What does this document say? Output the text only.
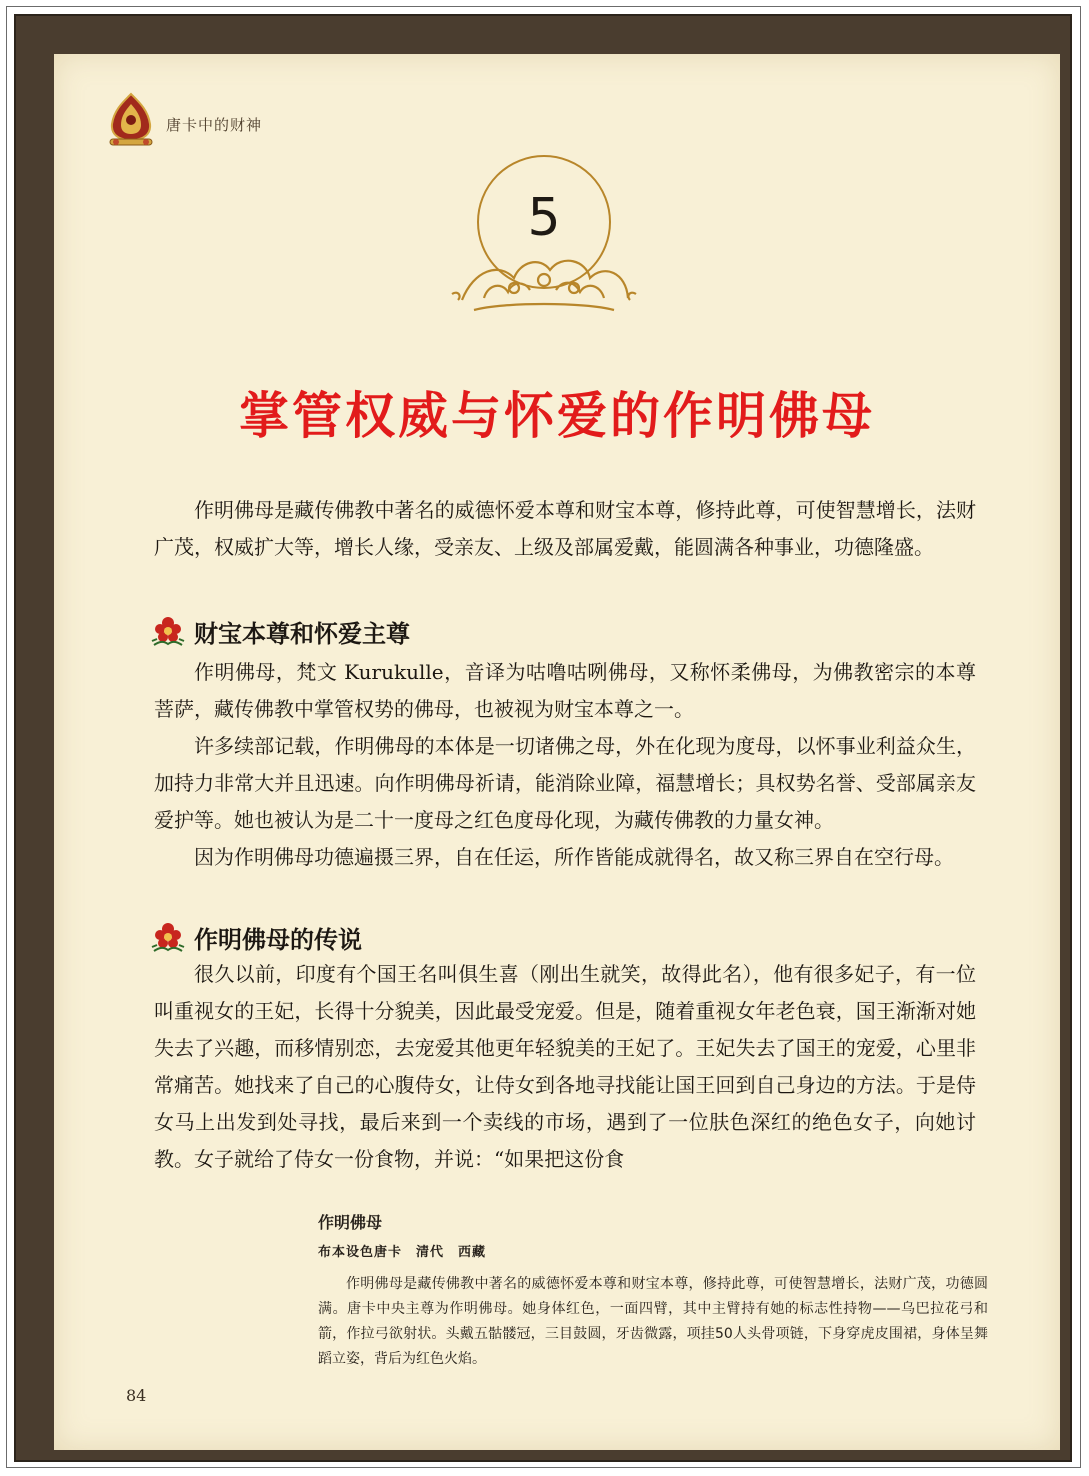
唐卡中的财神
5
掌管权威与怀爱的作明佛母

作明佛母是藏传佛教中著名的威德怀爱本尊和财宝本尊，修持此尊，可使智慧增长，法财广茂，权威扩大等，增长人缘，受亲友、上级及部属爱戴，能圆满各种事业，功德隆盛。

财宝本尊和怀爱主尊

作明佛母，梵文 Kurukulle，音译为咕噜咕咧佛母，又称怀柔佛母，为佛教密宗的本尊菩萨，藏传佛教中掌管权势的佛母，也被视为财宝本尊之一。

许多续部记载，作明佛母的本体是一切诸佛之母，外在化现为度母，以怀事业利益众生，加持力非常大并且迅速。向作明佛母祈请，能消除业障，福慧增长；具权势名誉、受部属亲友爱护等。她也被认为是二十一度母之红色度母化现，为藏传佛教的力量女神。

因为作明佛母功德遍摄三界，自在任运，所作皆能成就得名，故又称三界自在空行母。

作明佛母的传说

很久以前，印度有个国王名叫俱生喜（刚出生就笑，故得此名），他有很多妃子，有一位叫重视女的王妃，长得十分貌美，因此最受宠爱。但是，随着重视女年老色衰，国王渐渐对她失去了兴趣，而移情别恋，去宠爱其他更年轻貌美的王妃了。王妃失去了国王的宠爱，心里非常痛苦。她找来了自己的心腹侍女，让侍女到各地寻找能让国王回到自己身边的方法。于是侍女马上出发到处寻找，最后来到一个卖线的市场，遇到了一位肤色深红的绝色女子，向她讨教。女子就给了侍女一份食物，并说：“如果把这份食

作明佛母

布本设色唐卡　清代　西藏

作明佛母是藏传佛教中著名的威德怀爱本尊和财宝本尊，修持此尊，可使智慧增长，法财广茂，功德圆满。唐卡中央主尊为作明佛母。她身体红色，一面四臂，其中主臂持有她的标志性持物——乌巴拉花弓和箭，作拉弓欲射状。头戴五骷髅冠，三目鼓圆，牙齿微露，项挂50人头骨项链，下身穿虎皮围裙，身体呈舞蹈立姿，背后为红色火焰。

84
